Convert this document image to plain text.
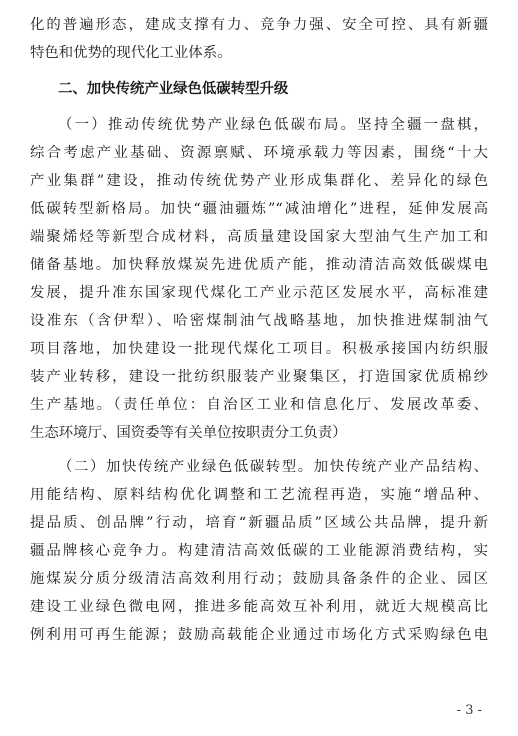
化的普遍形态，建成支撑有力、竞争力强、安全可控、具有新疆
特色和优势的现代化工业体系。
二、加快传统产业绿色低碳转型升级
（一）推动传统优势产业绿色低碳布局。坚持全疆一盘棋，
综合考虑产业基础、资源禀赋、环境承载力等因素，围绕“十大
产业集群”建设，推动传统优势产业形成集群化、差异化的绿色
低碳转型新格局。加快“疆油疆炼”“减油增化”进程，延伸发展高
端聚烯烃等新型合成材料，高质量建设国家大型油气生产加工和
储备基地。加快释放煤炭先进优质产能，推动清洁高效低碳煤电
发展，提升准东国家现代煤化工产业示范区发展水平，高标准建
设准东（含伊犁）、哈密煤制油气战略基地，加快推进煤制油气
项目落地，加快建设一批现代煤化工项目。积极承接国内纺织服
装产业转移，建设一批纺织服装产业聚集区，打造国家优质棉纱
生产基地。（责任单位：自治区工业和信息化厅、发展改革委、
生态环境厅、国资委等有关单位按职责分工负责）
（二）加快传统产业绿色低碳转型。加快传统产业产品结构、
用能结构、原料结构优化调整和工艺流程再造，实施“增品种、
提品质、创品牌”行动，培育“新疆品质”区域公共品牌，提升新
疆品牌核心竞争力。构建清洁高效低碳的工业能源消费结构，实
施煤炭分质分级清洁高效利用行动；鼓励具备条件的企业、园区
建设工业绿色微电网，推进多能高效互补利用，就近大规模高比
例利用可再生能源；鼓励高载能企业通过市场化方式采购绿色电
- 3 -
